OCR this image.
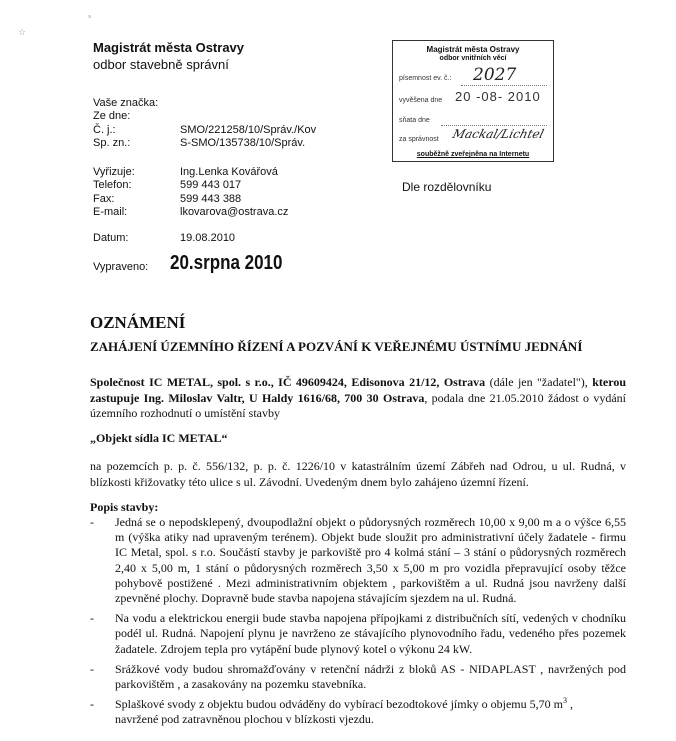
☆
ˢ
Magistrát města Ostravy
odbor stavebně správní
Vaše značka:
Ze dne:
Č. j.:	SMO/221258/10/Správ./Kov
Sp. zn.:	S-SMO/135738/10/Správ.
Vyřizuje:	Ing.Lenka Kovářová
Telefon:	599 443 017
Fax:	599 443 388
E-mail:	lkovarova@ostrava.cz
Datum:	19.08.2010
Vypraveno: 20.srpna 2010
Magistrát města Ostravy
odbor vnitřních věcí
písemnost ev. č.: 2027
vyvěšena dne 20 -08- 2010
sňata dne
za správnost Mackal/Lichtel
souběžně zveřejněna na Internetu
Dle rozdělovníku
OZNÁMENÍ
ZAHÁJENÍ ÚZEMNÍHO ŘÍZENÍ A POZVÁNÍ K VEŘEJNÉMU ÚSTNÍMU JEDNÁNÍ
Společnost IC METAL, spol. s r.o., IČ 49609424, Edisonova 21/12, Ostrava (dále jen "žadatel"), kterou zastupuje Ing. Miloslav Valtr, U Haldy 1616/68, 700 30 Ostrava, podala dne 21.05.2010 žádost o vydání územního rozhodnutí o umístění stavby
„Objekt sídla IC METAL“
na pozemcích p. p. č. 556/132, p. p. č. 1226/10 v katastrálním území Zábřeh nad Odrou, u ul. Rudná, v blízkosti křižovatky této ulice s ul. Závodní. Uvedeným dnem bylo zahájeno územní řízení.
Popis stavby:
- Jedná se o nepodsklepený, dvoupodlažní objekt o půdorysných rozměrech 10,00 x 9,00 m a o výšce 6,55 m (výška atiky nad upraveným terénem). Objekt bude sloužit pro administrativní účely žadatele - firmu IC Metal, spol. s r.o. Součástí stavby je parkoviště pro 4 kolmá stání – 3 stání o půdorysných rozměrech 2,40 x 5,00 m, 1 stání o půdorysných rozměrech 3,50 x 5,00 m pro vozidla přepravující osoby těžce pohybově postižené . Mezi administrativním objektem , parkovištěm a ul. Rudná jsou navrženy další zpevněné plochy. Dopravně bude stavba napojena stávajícím sjezdem na ul. Rudná.
- Na vodu a elektrickou energii bude stavba napojena přípojkami z distribučních sítí, vedených v chodníku podél ul. Rudná. Napojení plynu je navrženo ze stávajícího plynovodního řadu, vedeného přes pozemek žadatele. Zdrojem tepla pro vytápění bude plynový kotel o výkonu 24 kW.
- Srážkové vody budou shromažďovány v retenční nádrži z bloků AS - NIDAPLAST , navržených pod parkovištěm , a zasakovány na pozemku stavebníka.
- Splaškové svody z objektu budou odváděny do vybírací bezodtokové jímky o objemu 5,70 $m^3$ ,
navržené pod zatravněnou plochou v blízkosti vjezdu.
